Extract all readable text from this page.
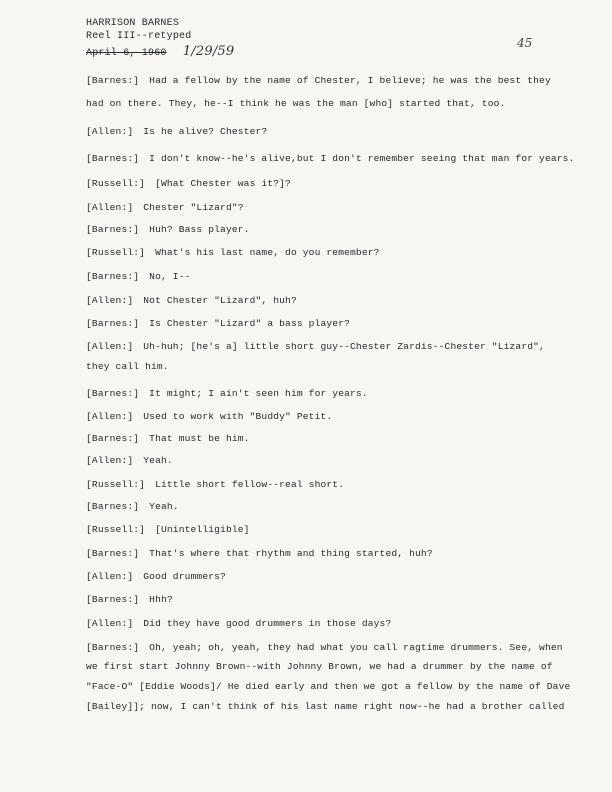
HARRISON BARNES
Reel III--retyped
April 6, 1960 1/29/59
45
[Barnes:] Had a fellow by the name of Chester, I believe; he was the best they
had on there. They, he--I think he was the man [who] started that, too.
[Allen:] Is he alive? Chester?
[Barnes:] I don't know--he's alive,but I don't remember seeing that man for years.
[Russell:] [What Chester was it?]?
[Allen:] Chester "Lizard"?
[Barnes:] Huh? Bass player.
[Russell:] What's his last name, do you remember?
[Barnes:] No, I--
[Allen:] Not Chester "Lizard", huh?
[Barnes:] Is Chester "Lizard" a bass player?
[Allen:] Uh-huh; [he's a] little short guy--Chester Zardis--Chester "Lizard",
they call him.
[Barnes:] It might; I ain't seen him for years.
[Allen:] Used to work with "Buddy" Petit.
[Barnes:] That must be him.
[Allen:] Yeah.
[Russell:] Little short fellow--real short.
[Barnes:] Yeah.
[Russell:] [Unintelligible]
[Barnes:] That's where that rhythm and thing started, huh?
[Allen:] Good drummers?
[Barnes:] Hhh?
[Allen:] Did they have good drummers in those days?
[Barnes:] Oh, yeah; oh, yeah, they had what you call ragtime drummers. See, when
we first start Johnny Brown--with Johnny Brown, we had a drummer by the name of
"Face-O" [Eddie Woods]/ He died early and then we got a fellow by the name of Dave
[Bailey]]; now, I can't think of his last name right now--he had a brother called
